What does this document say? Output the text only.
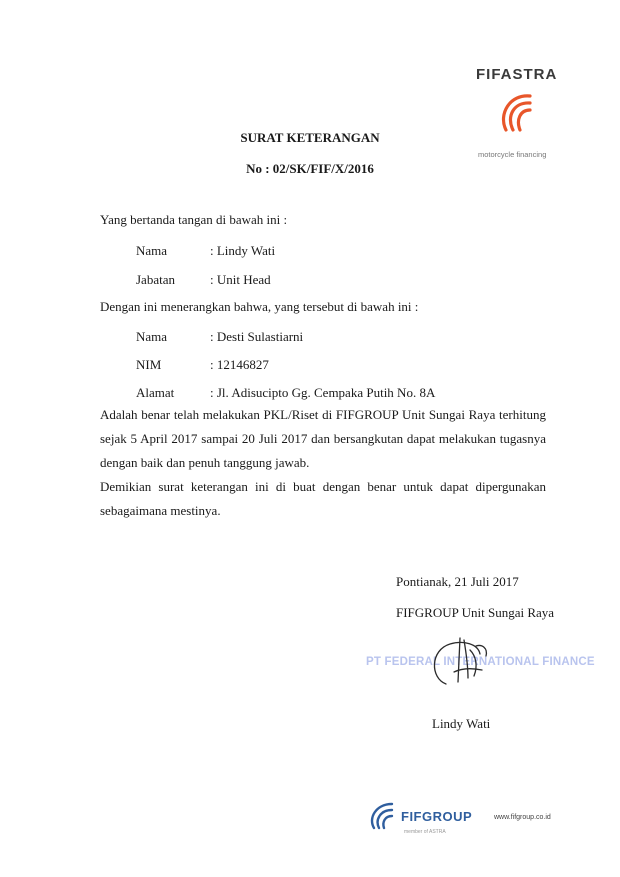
FIFASTRA
motorcycle financing
SURAT KETERANGAN
No : 02/SK/FIF/X/2016
Yang bertanda tangan di bawah ini :
Nama	: Lindy Wati
Jabatan	: Unit Head
Dengan ini menerangkan bahwa, yang tersebut di bawah ini :
Nama	: Desti Sulastiarni
NIM	: 12146827
Alamat	: Jl. Adisucipto Gg. Cempaka Putih No. 8A
Adalah benar telah melakukan PKL/Riset di FIFGROUP Unit Sungai Raya terhitung
sejak 5 April 2017 sampai 20 Juli 2017 dan bersangkutan dapat melakukan tugasnya
dengan baik dan penuh tanggung jawab.
Demikian surat keterangan ini di buat dengan benar untuk dapat dipergunakan
sebagaimana mestinya.
Pontianak, 21 Juli 2017
FIFGROUP Unit Sungai Raya
PT FEDERAL INTERNATIONAL FINANCE
Lindy Wati
FIFGROUP
member of ASTRA
www.fifgroup.co.id
